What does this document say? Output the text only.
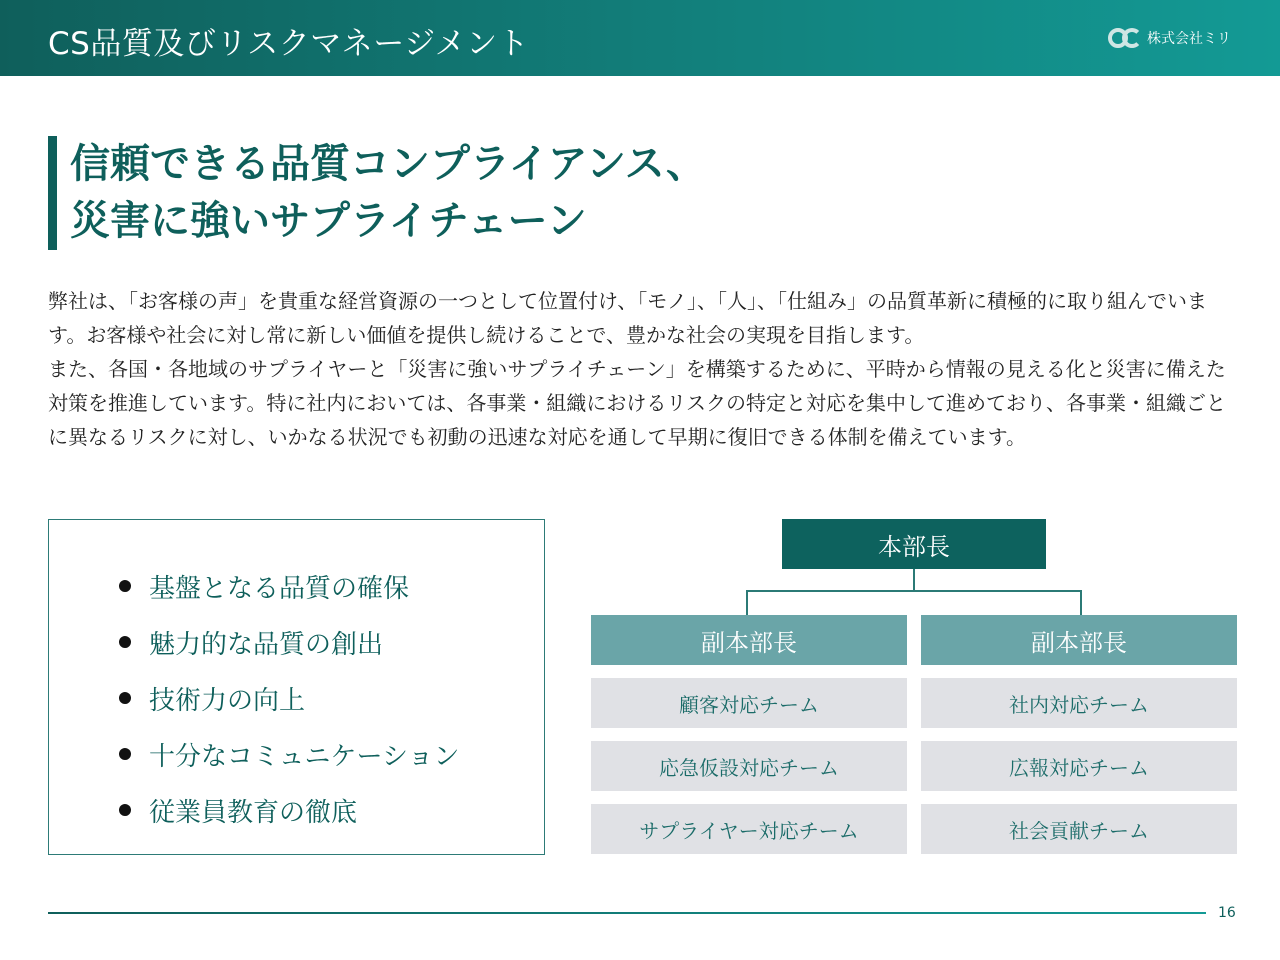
CS品質及びリスクマネージメント	株式会社ミリ
信頼できる品質コンプライアンス、
災害に強いサプライチェーン

弊社は、「お客様の声」を貴重な経営資源の一つとして位置付け、「モノ」、「人」、「仕組み」の品質革新に積極的に取り組んでいます。お客様や社会に対し常に新しい価値を提供し続けることで、豊かな社会の実現を目指します。

また、各国・各地域のサプライヤーと「災害に強いサプライチェーン」を構築するために、平時から情報の見える化と災害に備えた対策を推進しています。特に社内においては、各事業・組織におけるリスクの特定と対応を集中して進めており、各事業・組織ごとに異なるリスクに対し、いかなる状況でも初動の迅速な対応を通して早期に復旧できる体制を備えています。

基盤となる品質の確保
魅力的な品質の創出
技術力の向上
十分なコミュニケーション
従業員教育の徹底
本部長
副本部長	副本部長
顧客対応チーム
応急仮設対応チーム
サプライヤー対応チーム
社内対応チーム
広報対応チーム
社会貢献チーム
16
